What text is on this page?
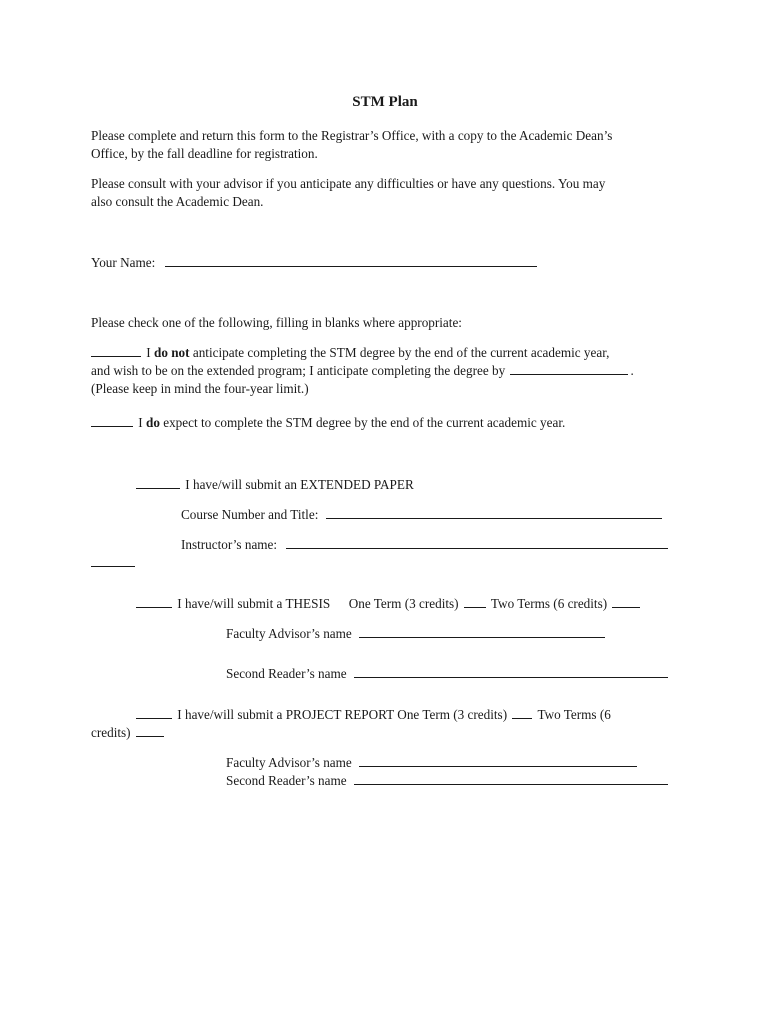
STM Plan
Please complete and return this form to the Registrar’s Office, with a copy to the Academic Dean’s
Office, by the fall deadline for registration.
Please consult with your advisor if you anticipate any difficulties or have any questions. You may
also consult the Academic Dean.
Your Name:
Please check one of the following, filling in blanks where appropriate:
I do not anticipate completing the STM degree by the end of the current academic year,
and wish to be on the extended program; I anticipate completing the degree by	.
(Please keep in mind the four-year limit.)
I do expect to complete the STM degree by the end of the current academic year.
I have/will submit an EXTENDED PAPER
Course Number and Title:
Instructor’s name:
I have/will submit a THESIS One Term (3 credits) Two Terms (6 credits)
Faculty Advisor’s name
Second Reader’s name
I have/will submit a PROJECT REPORT One Term (3 credits) Two Terms (6
credits)
Faculty Advisor’s name
Second Reader’s name
